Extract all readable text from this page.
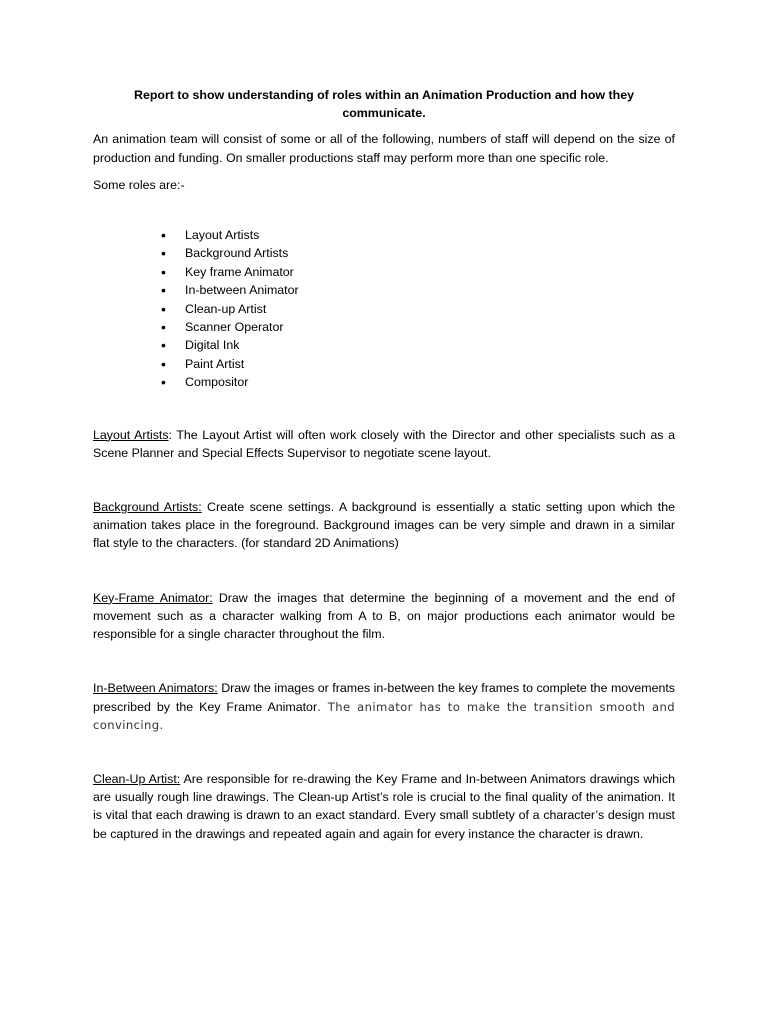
Report to show understanding of roles within an Animation Production and how they communicate.

An animation team will consist of some or all of the following, numbers of staff will depend on the size of production and funding. On smaller productions staff may perform more than one specific role.

Some roles are:-

• Layout Artists
• Background Artists
• Key frame Animator
• In-between Animator
• Clean-up Artist
• Scanner Operator
• Digital Ink
• Paint Artist
• Compositor

Layout Artists: The Layout Artist will often work closely with the Director and other specialists such as a Scene Planner and Special Effects Supervisor to negotiate scene layout.

Background Artists: Create scene settings. A background is essentially a static setting upon which the animation takes place in the foreground. Background images can be very simple and drawn in a similar flat style to the characters. (for standard 2D Animations)

Key-Frame Animator: Draw the images that determine the beginning of a movement and the end of movement such as a character walking from A to B, on major productions each animator would be responsible for a single character throughout the film.

In-Between Animators: Draw the images or frames in-between the key frames to complete the movements prescribed by the Key Frame Animator. The animator has to make the transition smooth and convincing.

Clean-Up Artist: Are responsible for re-drawing the Key Frame and In-between Animators drawings which are usually rough line drawings. The Clean-up Artist’s role is crucial to the final quality of the animation. It is vital that each drawing is drawn to an exact standard. Every small subtlety of a character’s design must be captured in the drawings and repeated again and again for every instance the character is drawn.
